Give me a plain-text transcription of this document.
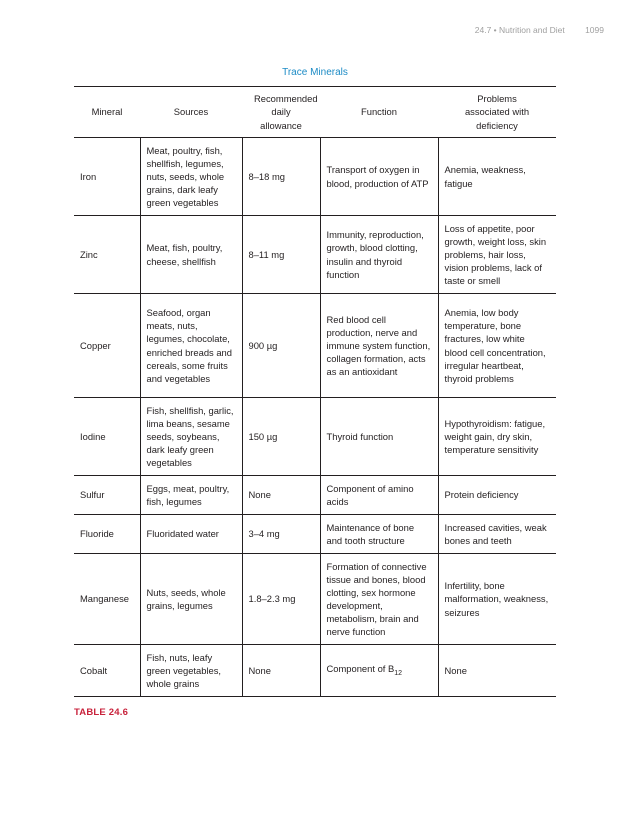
24.7 • Nutrition and Diet 1099
Trace Minerals
Mineral	Sources	Recommended daily allowance	Function	Problems associated with deficiency
Iron	Meat, poultry, fish, shellfish, legumes, nuts, seeds, whole grains, dark leafy green vegetables	8–18 mg	Transport of oxygen in blood, production of ATP	Anemia, weakness, fatigue
Zinc	Meat, fish, poultry, cheese, shellfish	8–11 mg	Immunity, reproduction, growth, blood clotting, insulin and thyroid function	Loss of appetite, poor growth, weight loss, skin problems, hair loss, vision problems, lack of taste or smell
Copper	Seafood, organ meats, nuts, legumes, chocolate, enriched breads and cereals, some fruits and vegetables	900 µg	Red blood cell production, nerve and immune system function, collagen formation, acts as an antioxidant	Anemia, low body temperature, bone fractures, low white blood cell concentration, irregular heartbeat, thyroid problems
Iodine	Fish, shellfish, garlic, lima beans, sesame seeds, soybeans, dark leafy green vegetables	150 µg	Thyroid function	Hypothyroidism: fatigue, weight gain, dry skin, temperature sensitivity
Sulfur	Eggs, meat, poultry, fish, legumes	None	Component of amino acids	Protein deficiency
Fluoride	Fluoridated water	3–4 mg	Maintenance of bone and tooth structure	Increased cavities, weak bones and teeth
Manganese	Nuts, seeds, whole grains, legumes	1.8–2.3 mg	Formation of connective tissue and bones, blood clotting, sex hormone development, metabolism, brain and nerve function	Infertility, bone malformation, weakness, seizures
Cobalt	Fish, nuts, leafy green vegetables, whole grains	None	Component of $B_{12}$	None
TABLE 24.6
